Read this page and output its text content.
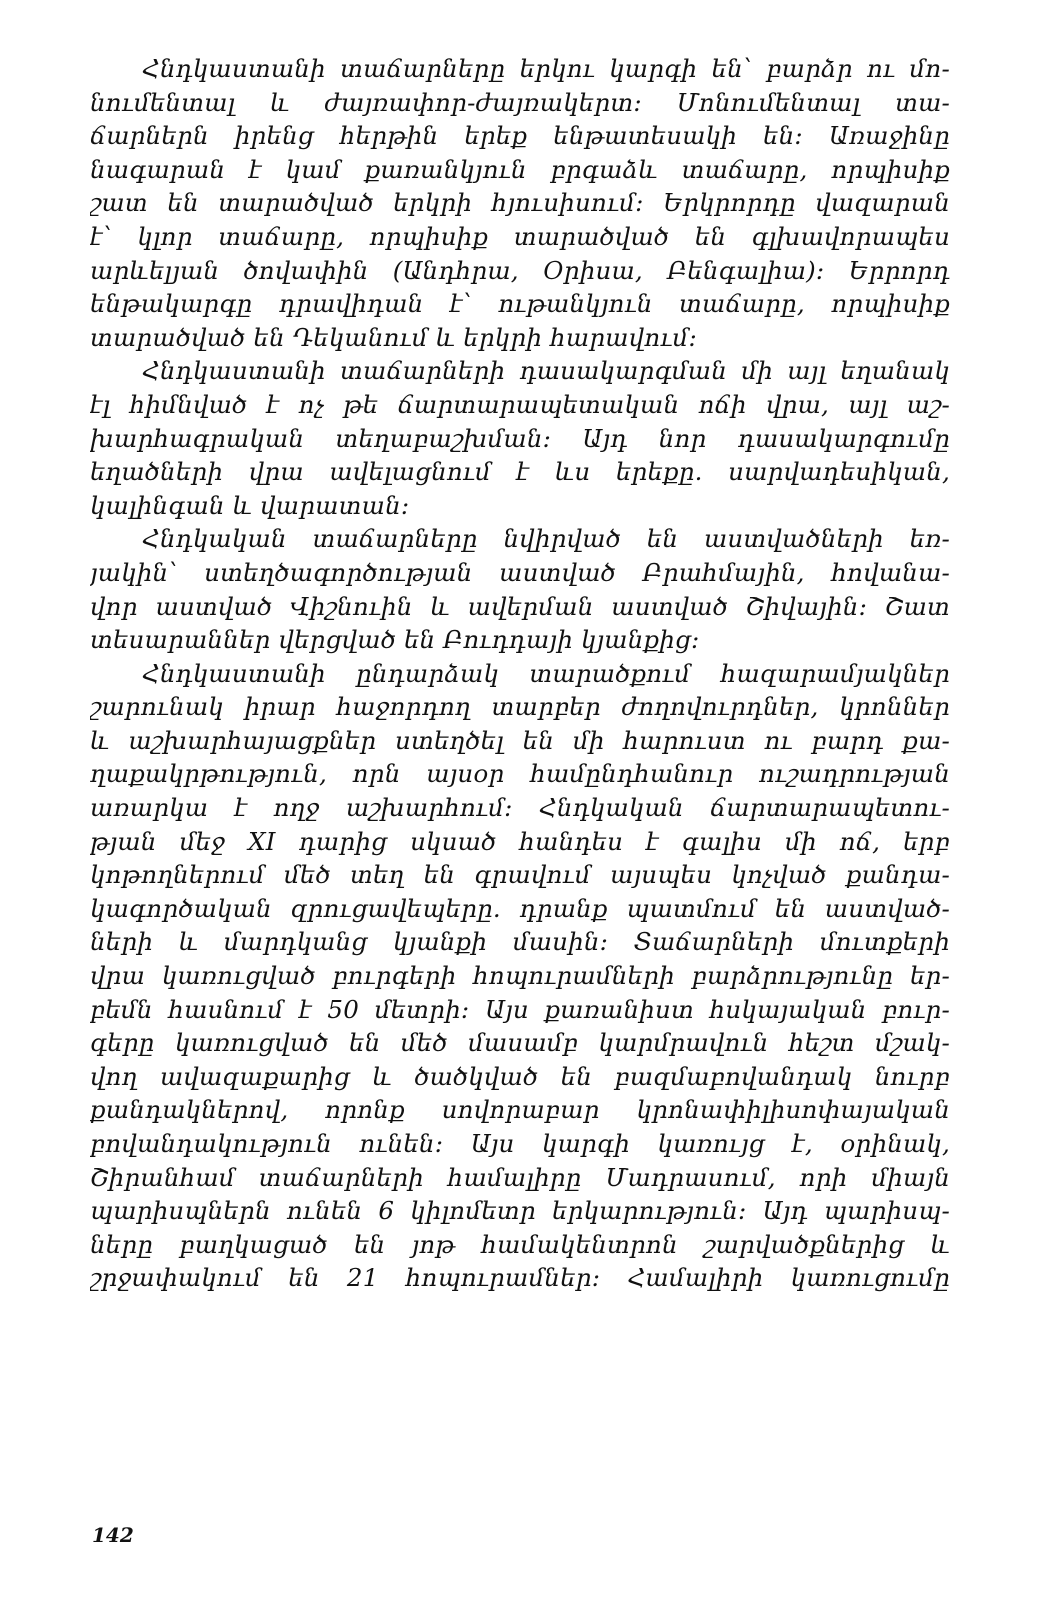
Հնդկաստանի տաճարները երկու կարգի են՝ բարձր ու մո-
նումենտալ և ժայռափոր-ժայռակերտ։ Մոնումենտալ տա-
ճարներն իրենց հերթին երեք ենթատեսակի են։ Առաջինը
նագարան է կամ քառանկյուն բրգաձև տաճարը, որպիսիք
շատ են տարածված երկրի հյուսիսում։ Երկրորդը վազարան
է՝ կլոր տաճարը, որպիսիք տարածված են գլխավորապես
արևելյան ծովափին (Անդհրա, Օրիսա, Բենգալիա)։ Երրորդ
ենթակարգը դրավիդան է՝ ութանկյուն տաճարը, որպիսիք
տարածված են Դեկանում և երկրի հարավում։
Հնդկաստանի տաճարների դասակարգման մի այլ եղանակ
էլ հիմնված է ոչ թե ճարտարապետական ոճի վրա, այլ աշ-
խարհագրական տեղաբաշխման։ Այդ նոր դասակարգումը
եղածների վրա ավելացնում է ևս երեքը. սարվադեսիկան,
կալինգան և վարատան։
Հնդկական տաճարները նվիրված են աստվածների եռ-
յակին՝ ստեղծագործության աստված Բրահմային, հովանա-
վոր աստված Վիշնուին և ավերման աստված Շիվային։ Շատ
տեսարաններ վերցված են Բուդդայի կյանքից։
Հնդկաստանի ընդարձակ տարածքում հազարամյակներ
շարունակ իրար հաջորդող տարբեր ժողովուրդներ, կրոններ
և աշխարհայացքներ ստեղծել են մի հարուստ ու բարդ քա-
ղաքակրթություն, որն այսօր համընդհանուր ուշադրության
առարկա է ողջ աշխարհում։ Հնդկական ճարտարապետու-
թյան մեջ XI դարից սկսած հանդես է գալիս մի ոճ, երբ
կոթողներում մեծ տեղ են գրավում այսպես կոչված քանդա-
կագործական զրուցավեպերը. դրանք պատմում են աստված-
ների և մարդկանց կյանքի մասին։ Տաճարների մուտքերի
վրա կառուցված բուրգերի հոպուրամների բարձրությունը եր-
բեմն հասնում է 50 մետրի։ Այս քառանիստ հսկայական բուր-
գերը կառուցված են մեծ մասամբ կարմրավուն հեշտ մշակ-
վող ավազաքարից և ծածկված են բազմաբովանդակ նուրբ
քանդակներով, որոնք սովորաբար կրոնափիլիսոփայական
բովանդակություն ունեն։ Այս կարգի կառույց է, օրինակ,
Շիրանհամ տաճարների համալիրը Մադրասում, որի միայն
պարիսպներն ունեն 6 կիլոմետր երկարություն։ Այդ պարիսպ-
ները բաղկացած են յոթ համակենտրոն շարվածքներից և
շրջափակում են 21 հոպուրամներ։ Համալիրի կառուցումը
142
